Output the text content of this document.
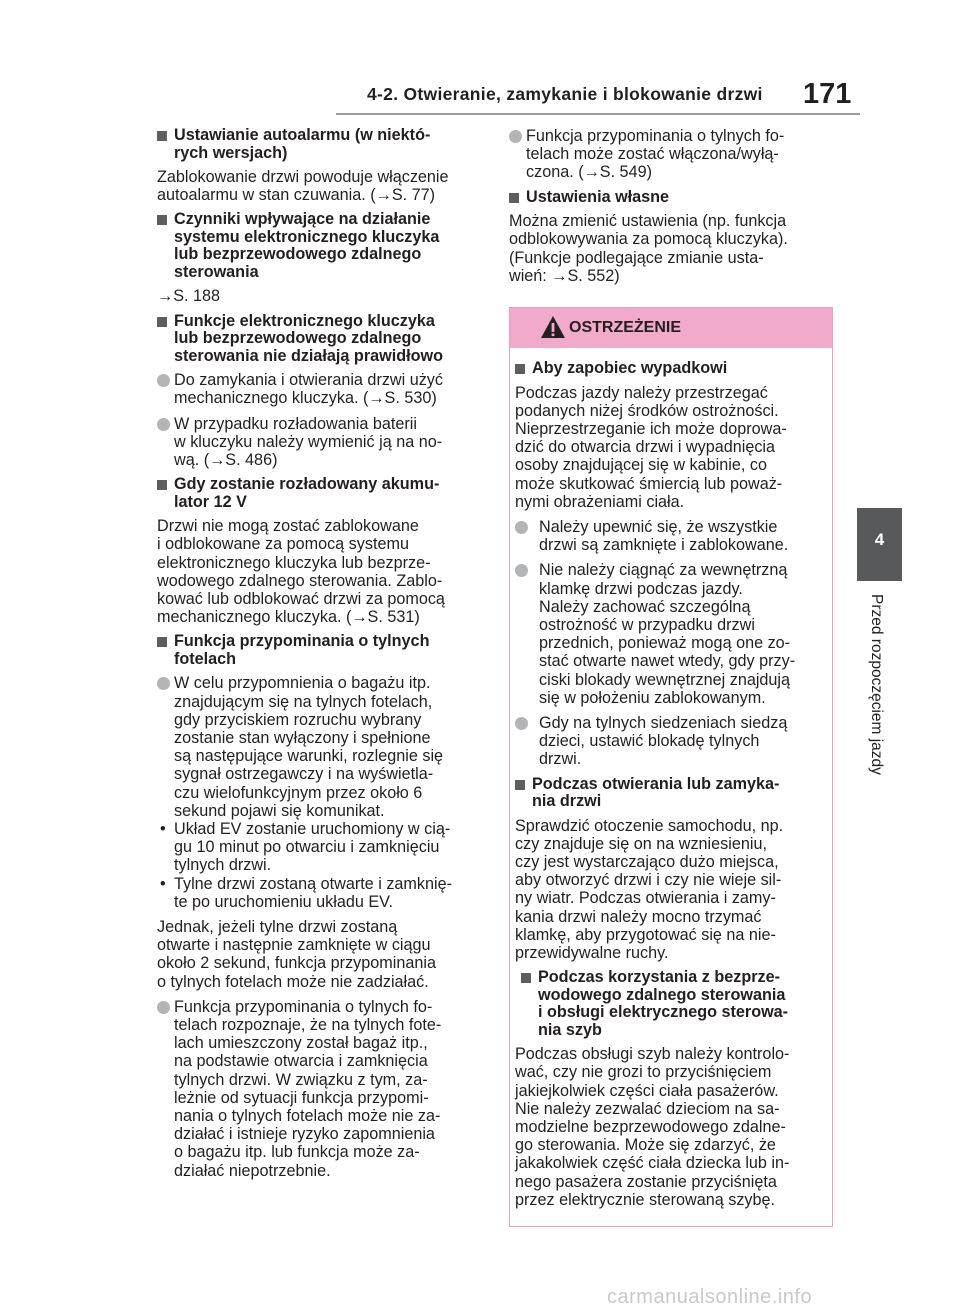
4-2. Otwieranie, zamykanie i blokowanie drzwi 171
4
Przed rozpoczęciem jazdy
Ustawianie autoalarmu (w niektó-
rych wersjach)
Zablokowanie drzwi powoduje włączenie
autoalarmu w stan czuwania. (→S. 77)
Czynniki wpływające na działanie
systemu elektronicznego kluczyka
lub bezprzewodowego zdalnego
sterowania
→S. 188
Funkcje elektronicznego kluczyka
lub bezprzewodowego zdalnego
sterowania nie działają prawidłowo
Do zamykania i otwierania drzwi użyć
mechanicznego kluczyka. (→S. 530)
W przypadku rozładowania baterii
w kluczyku należy wymienić ją na no-
wą. (→S. 486)
Gdy zostanie rozładowany akumu-
lator 12 V
Drzwi nie mogą zostać zablokowane
i odblokowane za pomocą systemu
elektronicznego kluczyka lub bezprze-
wodowego zdalnego sterowania. Zablo-
kować lub odblokować drzwi za pomocą
mechanicznego kluczyka. (→S. 531)
Funkcja przypominania o tylnych
fotelach
W celu przypomnienia o bagażu itp.
znajdującym się na tylnych fotelach,
gdy przyciskiem rozruchu wybrany
zostanie stan wyłączony i spełnione
są następujące warunki, rozlegnie się
sygnał ostrzegawczy i na wyświetla-
czu wielofunkcyjnym przez około 6
sekund pojawi się komunikat.
• Układ EV zostanie uruchomiony w cią-
gu 10 minut po otwarciu i zamknięciu
tylnych drzwi.
• Tylne drzwi zostaną otwarte i zamknię-
te po uruchomieniu układu EV.
Jednak, jeżeli tylne drzwi zostaną
otwarte i następnie zamknięte w ciągu
około 2 sekund, funkcja przypominania
o tylnych fotelach może nie zadziałać.
Funkcja przypominania o tylnych fo-
telach rozpoznaje, że na tylnych fote-
lach umieszczony został bagaż itp.,
na podstawie otwarcia i zamknięcia
tylnych drzwi. W związku z tym, za-
leżnie od sytuacji funkcja przypomi-
nania o tylnych fotelach może nie za-
działać i istnieje ryzyko zapomnienia
o bagażu itp. lub funkcja może za-
działać niepotrzebnie.
Funkcja przypominania o tylnych fo-
telach może zostać włączona/wyłą-
czona. (→S. 549)
Ustawienia własne
Można zmienić ustawienia (np. funkcja
odblokowywania za pomocą kluczyka).
(Funkcje podlegające zmianie usta-
wień: →S. 552)
OSTRZEŻENIE
Aby zapobiec wypadkowi
Podczas jazdy należy przestrzegać
podanych niżej środków ostrożności.
Nieprzestrzeganie ich może doprowa-
dzić do otwarcia drzwi i wypadnięcia
osoby znajdującej się w kabinie, co
może skutkować śmiercią lub poważ-
nymi obrażeniami ciała.
Należy upewnić się, że wszystkie
drzwi są zamknięte i zablokowane.
Nie należy ciągnąć za wewnętrzną
klamkę drzwi podczas jazdy.
Należy zachować szczególną
ostrożność w przypadku drzwi
przednich, ponieważ mogą one zo-
stać otwarte nawet wtedy, gdy przy-
ciski blokady wewnętrznej znajdują
się w położeniu zablokowanym.
Gdy na tylnych siedzeniach siedzą
dzieci, ustawić blokadę tylnych
drzwi.
Podczas otwierania lub zamyka-
nia drzwi
Sprawdzić otoczenie samochodu, np.
czy znajduje się on na wzniesieniu,
czy jest wystarczająco dużo miejsca,
aby otworzyć drzwi i czy nie wieje sil-
ny wiatr. Podczas otwierania i zamy-
kania drzwi należy mocno trzymać
klamkę, aby przygotować się na nie-
przewidywalne ruchy.
Podczas korzystania z bezprze-
wodowego zdalnego sterowania
i obsługi elektrycznego sterowa-
nia szyb
Podczas obsługi szyb należy kontrolo-
wać, czy nie grozi to przyciśnięciem
jakiejkolwiek części ciała pasażerów.
Nie należy zezwalać dzieciom na sa-
modzielne bezprzewodowego zdalne-
go sterowania. Może się zdarzyć, że
jakakolwiek część ciała dziecka lub in-
nego pasażera zostanie przyciśnięta
przez elektrycznie sterowaną szybę.
carmanualsonline.info
